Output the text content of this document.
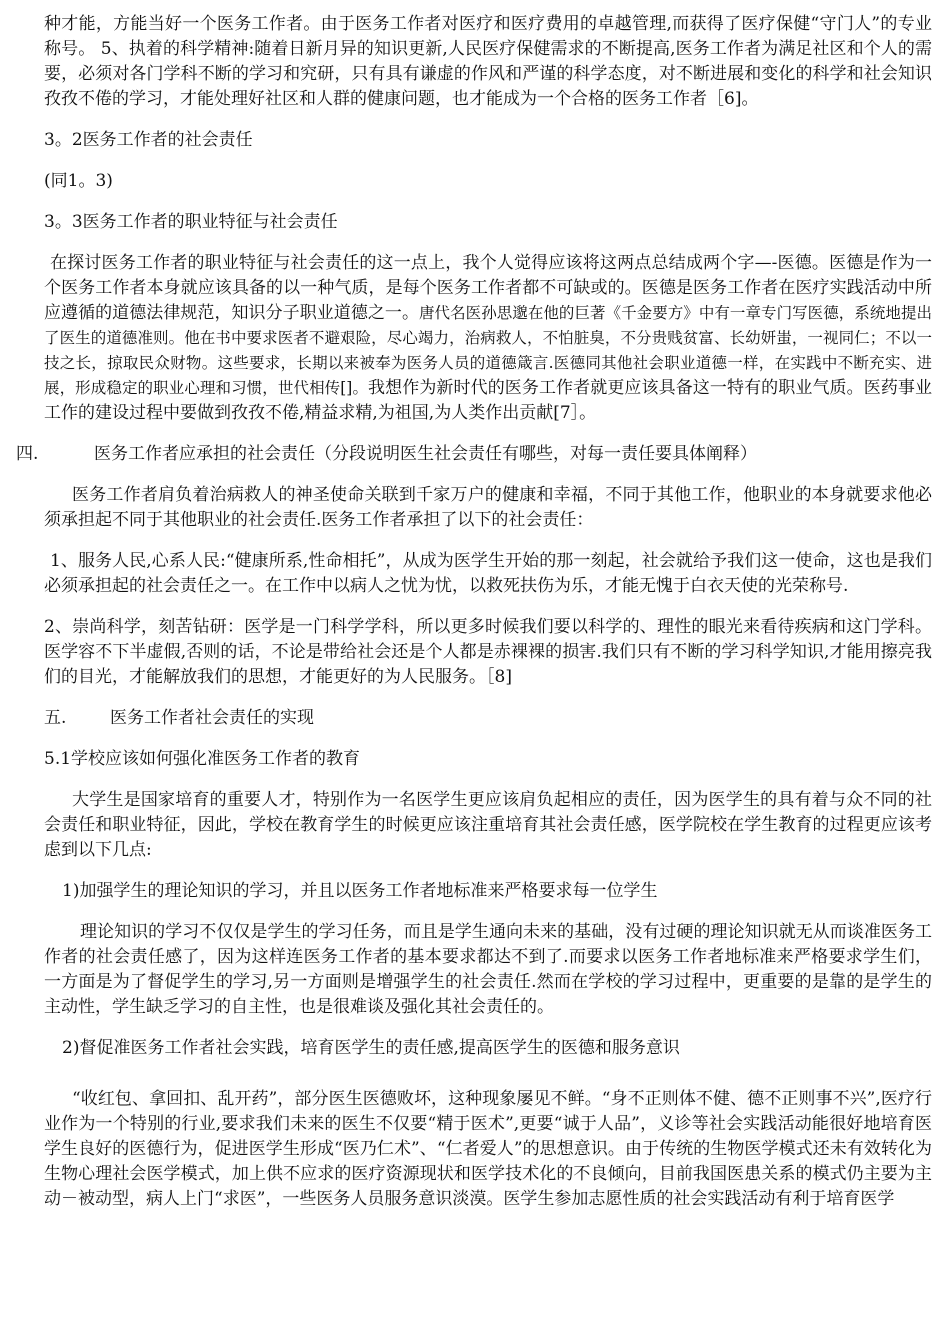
种才能，方能当好一个医务工作者。由于医务工作者对医疗和医疗费用的卓越管理,而获得了医疗保健“守门人”的专业称号。 5、执着的科学精神:随着日新月异的知识更新,人民医疗保健需求的不断提高,医务工作者为满足社区和个人的需要，必须对各门学科不断的学习和究研，只有具有谦虚的作风和严谨的科学态度，对不断进展和变化的科学和社会知识孜孜不倦的学习，才能处理好社区和人群的健康问题，也才能成为一个合格的医务工作者［6]。

3。2医务工作者的社会责任

(同1。3)

3。3医务工作者的职业特征与社会责任

在探讨医务工作者的职业特征与社会责任的这一点上，我个人觉得应该将这两点总结成两个字—-医德。医德是作为一个医务工作者本身就应该具备的以一种气质，是每个医务工作者都不可缺或的。医德是医务工作者在医疗实践活动中所应遵循的道德法律规范，知识分子职业道德之一。唐代名医孙思邈在他的巨著《千金要方》中有一章专门写医德，系统地提出了医生的道德准则。他在书中要求医者不避艰险，尽心竭力，治病救人，不怕脏臭，不分贵贱贫富、长幼妍蚩，一视同仁；不以一技之长，掠取民众财物。这些要求，长期以来被奉为医务人员的道德箴言.医德同其他社会职业道德一样，在实践中不断充实、进展，形成稳定的职业心理和习惯，世代相传[]。我想作为新时代的医务工作者就更应该具备这一特有的职业气质。医药事业工作的建设过程中要做到孜孜不倦,精益求精,为祖国,为人类作出贡献[7］。

四.	医务工作者应承担的社会责任（分段说明医生社会责任有哪些，对每一责任要具体阐释）

医务工作者肩负着治病救人的神圣使命关联到千家万户的健康和幸福，不同于其他工作，他职业的本身就要求他必须承担起不同于其他职业的社会责任.医务工作者承担了以下的社会责任：

1、服务人民,心系人民:“健康所系,性命相托”，从成为医学生开始的那一刻起，社会就给予我们这一使命，这也是我们必须承担起的社会责任之一。在工作中以病人之忧为忧，以救死扶伤为乐，才能无愧于白衣天使的光荣称号.

2、崇尚科学，刻苦钻研：医学是一门科学学科，所以更多时候我们要以科学的、理性的眼光来看待疾病和这门学科。医学容不下半虚假,否则的话，不论是带给社会还是个人都是赤裸裸的损害.我们只有不断的学习科学知识,才能用擦亮我们的目光，才能解放我们的思想，才能更好的为人民服务。［8]

五.	医务工作者社会责任的实现

5.1学校应该如何强化准医务工作者的教育

大学生是国家培育的重要人才，特别作为一名医学生更应该肩负起相应的责任，因为医学生的具有着与众不同的社会责任和职业特征，因此，学校在教育学生的时候更应该注重培育其社会责任感，医学院校在学生教育的过程更应该考虑到以下几点:

1)加强学生的理论知识的学习，并且以医务工作者地标准来严格要求每一位学生

理论知识的学习不仅仅是学生的学习任务，而且是学生通向未来的基础，没有过硬的理论知识就无从而谈准医务工作者的社会责任感了，因为这样连医务工作者的基本要求都达不到了.而要求以医务工作者地标准来严格要求学生们，一方面是为了督促学生的学习,另一方面则是增强学生的社会责任.然而在学校的学习过程中，更重要的是靠的是学生的主动性，学生缺乏学习的自主性，也是很难谈及强化其社会责任的。

2)督促准医务工作者社会实践，培育医学生的责任感,提高医学生的医德和服务意识

“收红包、拿回扣、乱开药”，部分医生医德败坏，这种现象屡见不鲜。“身不正则体不健、德不正则事不兴”,医疗行业作为一个特别的行业,要求我们未来的医生不仅要“精于医术”,更要“诚于人品”，义诊等社会实践活动能很好地培育医学生良好的医德行为，促进医学生形成“医乃仁术”、“仁者爱人”的思想意识。由于传统的生物医学模式还未有效转化为生物心理社会医学模式，加上供不应求的医疗资源现状和医学技术化的不良倾向，目前我国医患关系的模式仍主要为主动－被动型，病人上门“求医”，一些医务人员服务意识淡漠。医学生参加志愿性质的社会实践活动有利于培育医学
